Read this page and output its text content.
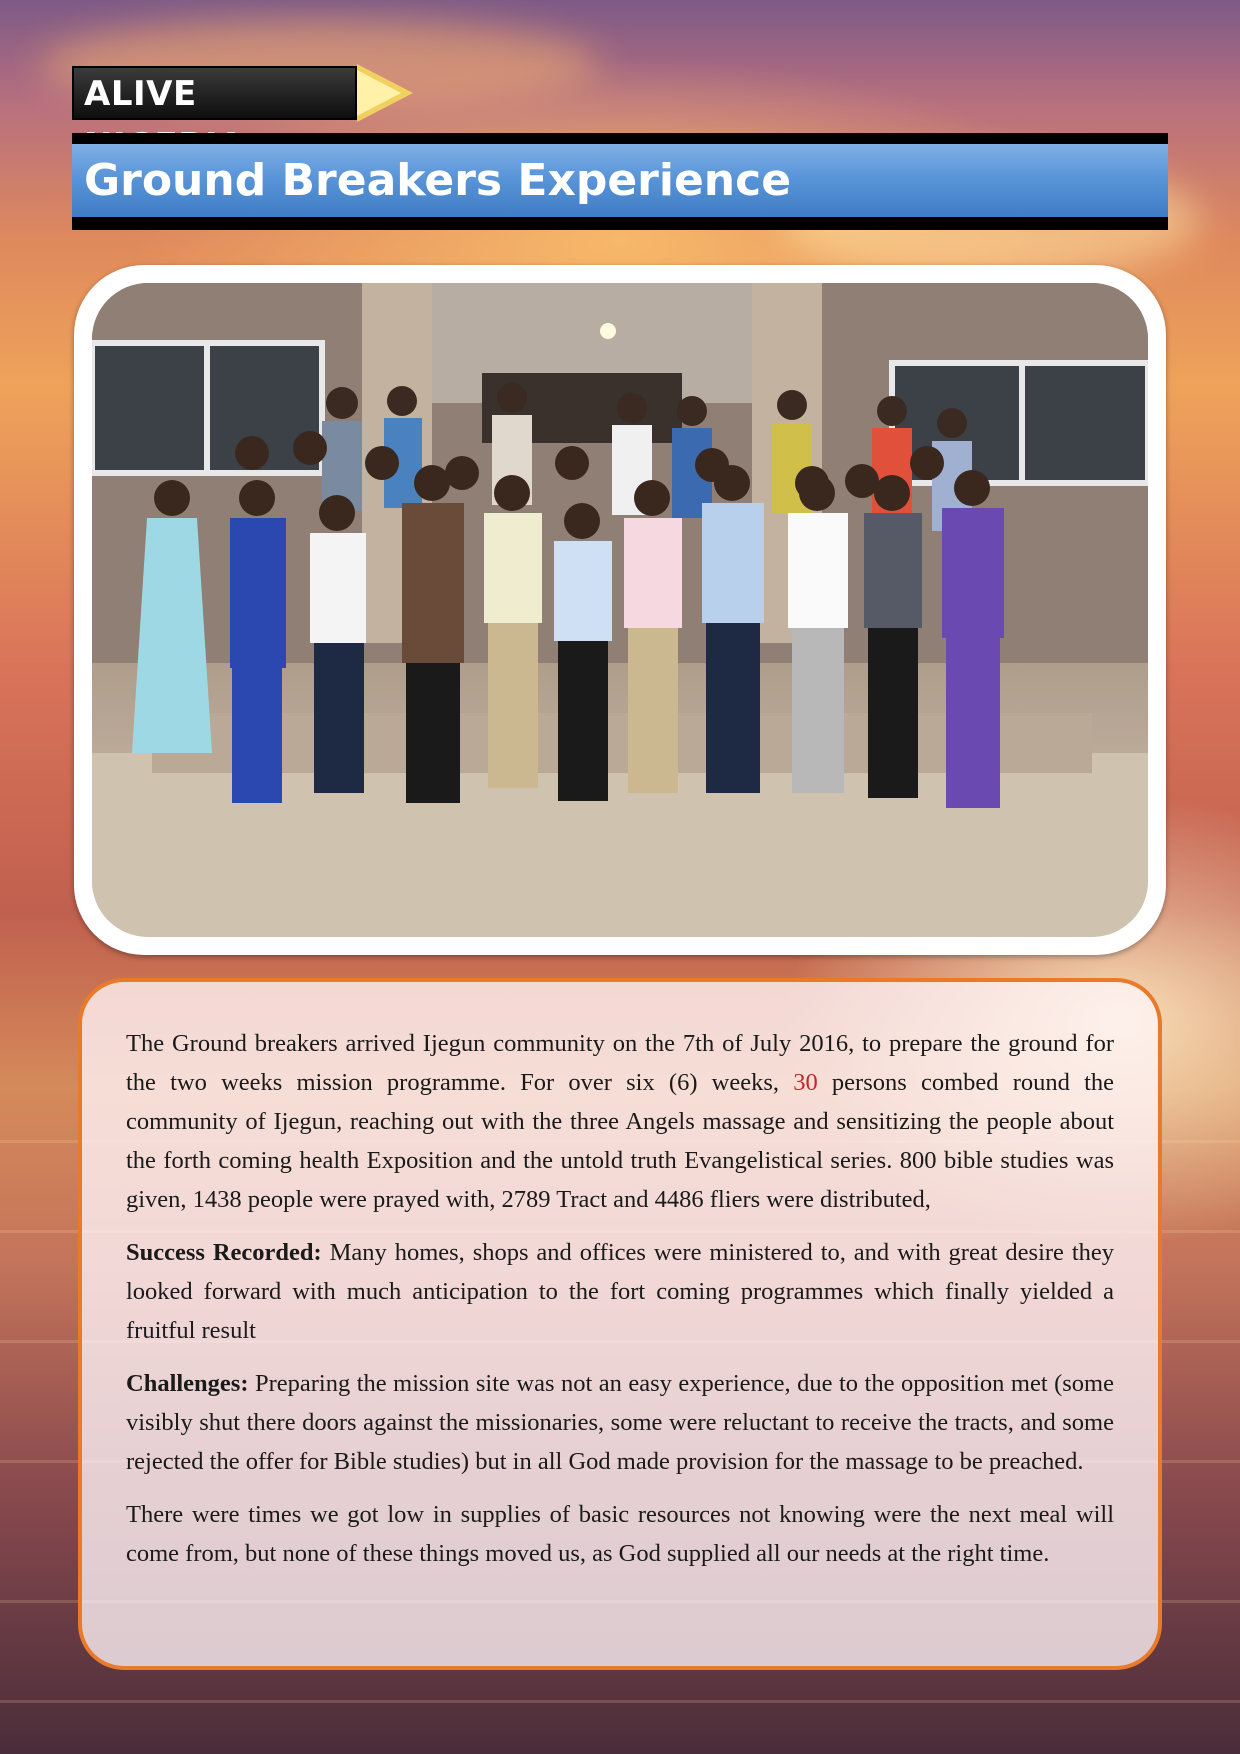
ALIVE
Ground Breakers Experience

The Ground breakers arrived Ijegun community on the 7th of July 2016, to prepare the ground for the two weeks mission programme. For over six (6) weeks, 30 persons combed round the community of Ijegun, reaching out with the three Angels massage and sensitizing the people about the forth coming health Exposition and the untold truth Evangelistical series. 800 bible studies was given, 1438 people were prayed with, 2789 Tract and 4486 fliers were distributed,

Success Recorded: Many homes, shops and offices were ministered to, and with great desire they looked forward with much anticipation to the fort coming programmes which finally yielded a fruitful result

Challenges: Preparing the mission site was not an easy experience, due to the opposition met (some visibly shut there doors against the missionaries, some were reluctant to receive the tracts, and some rejected the offer for Bible studies) but in all God made provision for the massage to be preached.

There were times we got low in supplies of basic resources not knowing were the next meal will come from, but none of these things moved us, as God supplied all our needs at the right time.
